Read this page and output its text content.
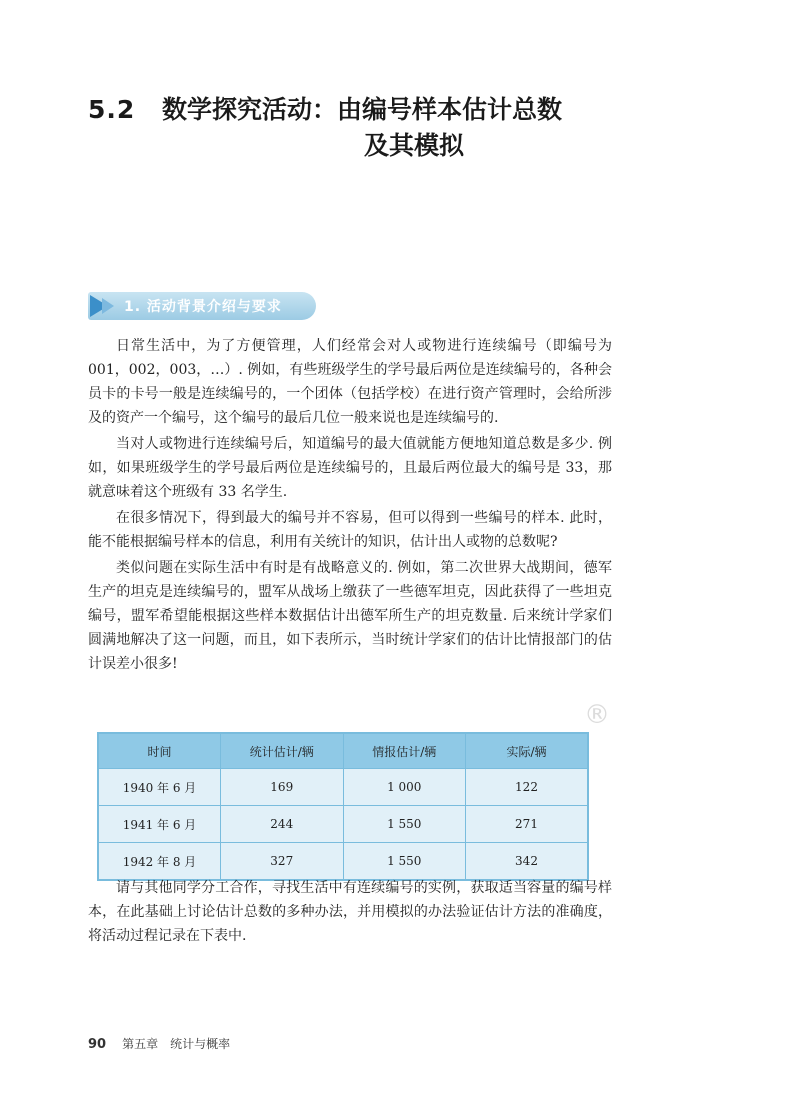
5.2 数学探究活动：由编号样本估计总数
及其模拟
1. 活动背景介绍与要求

日常生活中，为了方便管理，人们经常会对人或物进行连续编号（即编号为001，002，003，…）. 例如，有些班级学生的学号最后两位是连续编号的，各种会员卡的卡号一般是连续编号的，一个团体（包括学校）在进行资产管理时，会给所涉及的资产一个编号，这个编号的最后几位一般来说也是连续编号的.

当对人或物进行连续编号后，知道编号的最大值就能方便地知道总数是多少. 例如，如果班级学生的学号最后两位是连续编号的，且最后两位最大的编号是 33，那就意味着这个班级有 33 名学生.

在很多情况下，得到最大的编号并不容易，但可以得到一些编号的样本. 此时，能不能根据编号样本的信息，利用有关统计的知识，估计出人或物的总数呢?

类似问题在实际生活中有时是有战略意义的. 例如，第二次世界大战期间，德军生产的坦克是连续编号的，盟军从战场上缴获了一些德军坦克，因此获得了一些坦克编号，盟军希望能根据这些样本数据估计出德军所生产的坦克数量. 后来统计学家们圆满地解决了这一问题，而且，如下表所示，当时统计学家们的估计比情报部门的估计误差小很多!

®
时间	统计估计/辆	情报估计/辆	实际/辆
1940 年 6 月	169	1 000	122
1941 年 6 月	244	1 550	271
1942 年 8 月	327	1 550	342

请与其他同学分工合作，寻找生活中有连续编号的实例，获取适当容量的编号样本，在此基础上讨论估计总数的多种办法，并用模拟的办法验证估计方法的准确度，将活动过程记录在下表中.

90 第五章　统计与概率
